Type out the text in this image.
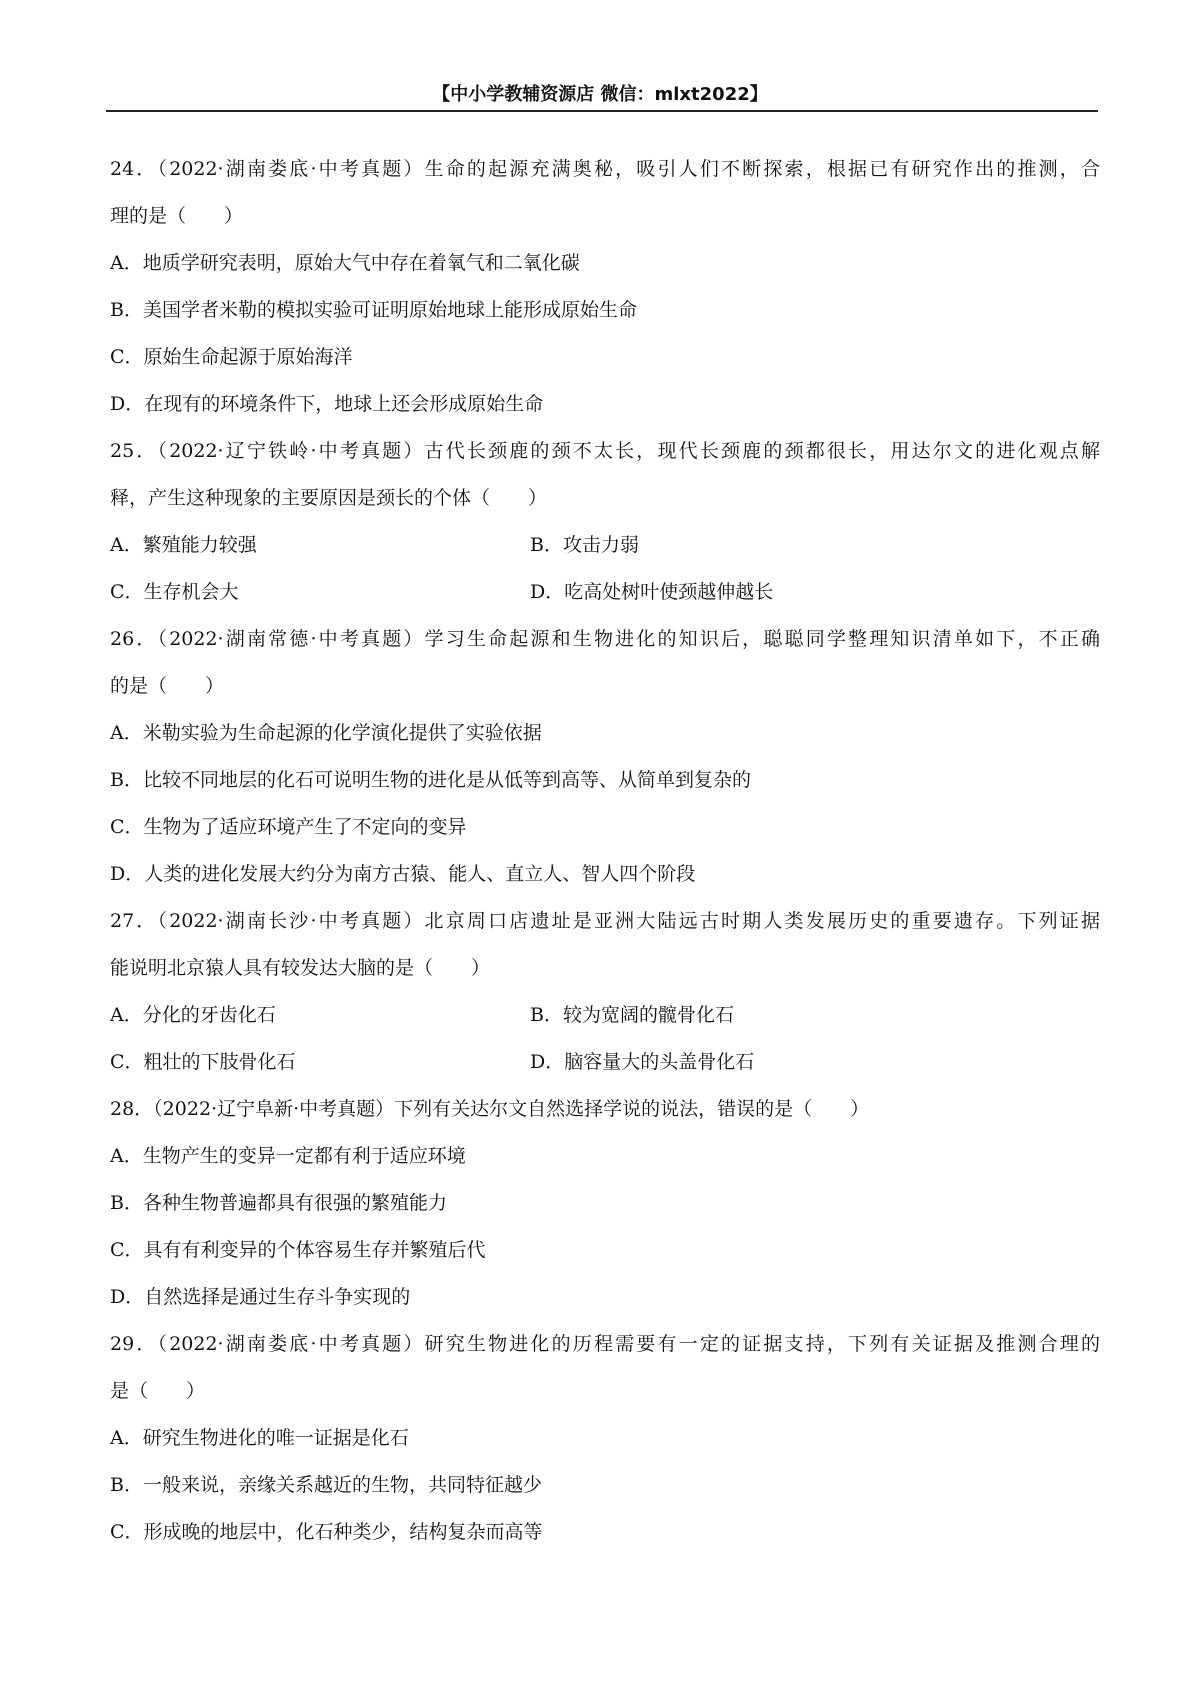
【中小学教辅资源店 微信：mlxt2022】
24．（2022·湖南娄底·中考真题）生命的起源充满奥秘，吸引人们不断探索，根据已有研究作出的推测，合
理的是（　　）
A．地质学研究表明，原始大气中存在着氧气和二氧化碳
B．美国学者米勒的模拟实验可证明原始地球上能形成原始生命
C．原始生命起源于原始海洋
D．在现有的环境条件下，地球上还会形成原始生命
25．（2022·辽宁铁岭·中考真题）古代长颈鹿的颈不太长，现代长颈鹿的颈都很长，用达尔文的进化观点解
释，产生这种现象的主要原因是颈长的个体（　　）
A．繁殖能力较强	B．攻击力弱
C．生存机会大	D．吃高处树叶使颈越伸越长
26．（2022·湖南常德·中考真题）学习生命起源和生物进化的知识后，聪聪同学整理知识清单如下，不正确
的是（　　）
A．米勒实验为生命起源的化学演化提供了实验依据
B．比较不同地层的化石可说明生物的进化是从低等到高等、从简单到复杂的
C．生物为了适应环境产生了不定向的变异
D．人类的进化发展大约分为南方古猿、能人、直立人、智人四个阶段
27．（2022·湖南长沙·中考真题）北京周口店遗址是亚洲大陆远古时期人类发展历史的重要遗存。下列证据
能说明北京猿人具有较发达大脑的是（　　）
A．分化的牙齿化石	B．较为宽阔的髋骨化石
C．粗壮的下肢骨化石	D．脑容量大的头盖骨化石
28．（2022·辽宁阜新·中考真题）下列有关达尔文自然选择学说的说法，错误的是（　　）
A．生物产生的变异一定都有利于适应环境
B．各种生物普遍都具有很强的繁殖能力
C．具有有利变异的个体容易生存并繁殖后代
D．自然选择是通过生存斗争实现的
29．（2022·湖南娄底·中考真题）研究生物进化的历程需要有一定的证据支持，下列有关证据及推测合理的
是（　　）
A．研究生物进化的唯一证据是化石
B．一般来说，亲缘关系越近的生物，共同特征越少
C．形成晚的地层中，化石种类少，结构复杂而高等
